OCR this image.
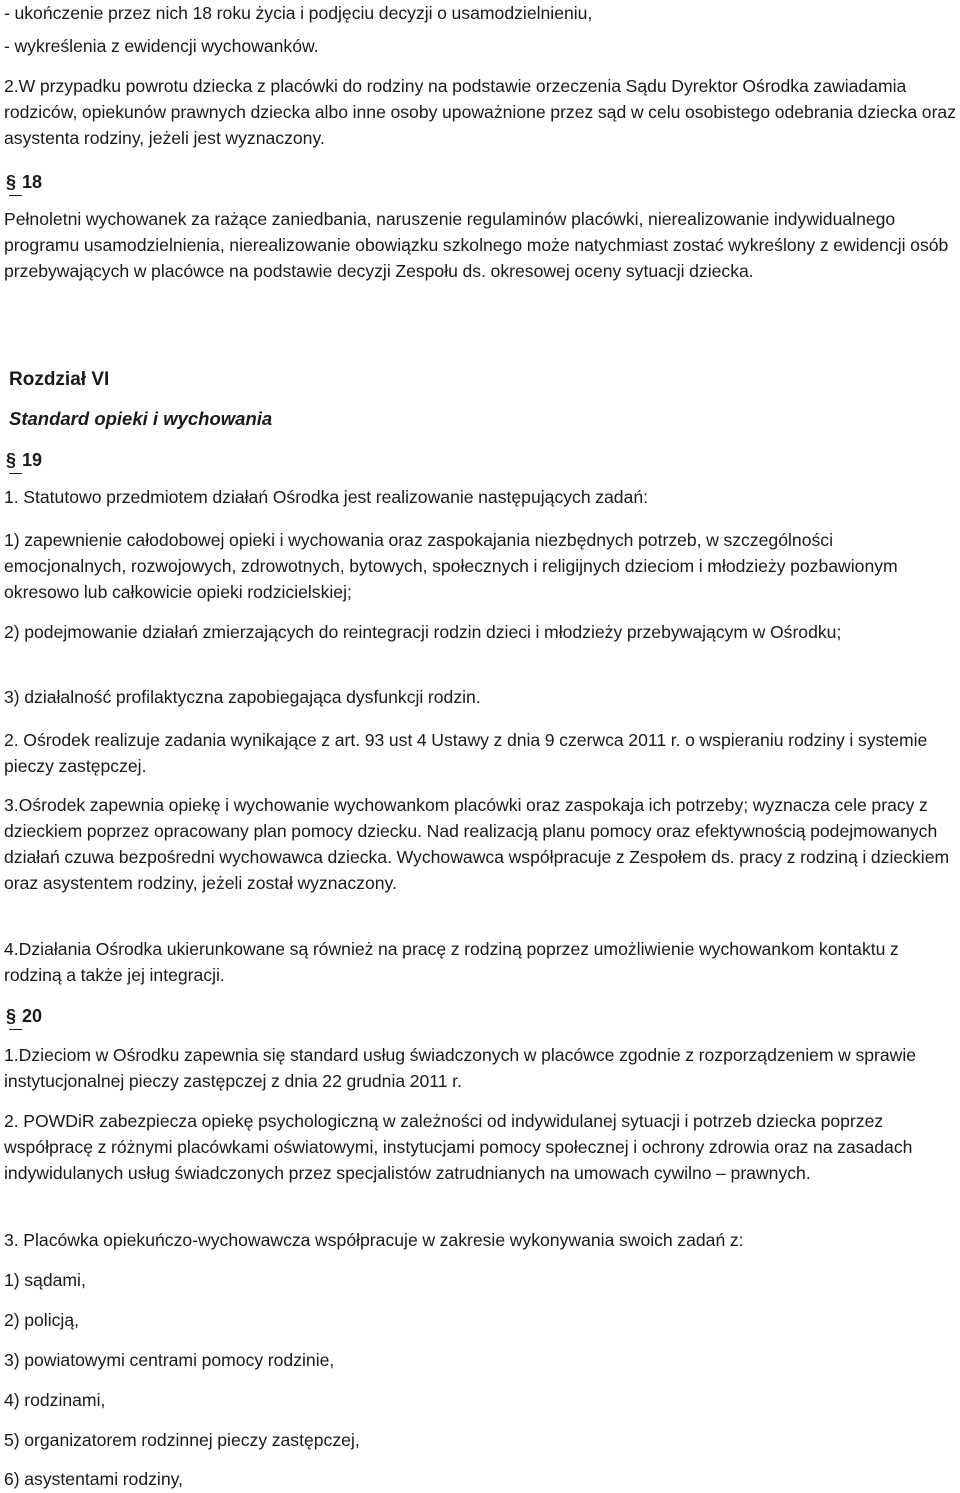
- ukończenie przez nich 18 roku życia i podjęciu decyzji o usamodzielnieniu,

- wykreślenia z ewidencji wychowanków.

2.W przypadku powrotu dziecka z placówki do rodziny na podstawie orzeczenia Sądu Dyrektor Ośrodka zawiadamia rodziców, opiekunów prawnych dziecka albo inne osoby upoważnione przez sąd w celu osobistego odebrania dziecka oraz asystenta rodziny, jeżeli jest wyznaczony.

§ 18

Pełnoletni wychowanek za rażące zaniedbania, naruszenie regulaminów placówki, nierealizowanie indywidualnego programu usamodzielnienia, nierealizowanie obowiązku szkolnego może natychmiast zostać wykreślony z ewidencji osób przebywających w placówce na podstawie decyzji Zespołu ds. okresowej oceny sytuacji dziecka.

Rozdział VI
Standard opieki i wychowania
§ 19

1. Statutowo przedmiotem działań Ośrodka jest realizowanie następujących zadań:

1) zapewnienie całodobowej opieki i wychowania oraz zaspokajania niezbędnych potrzeb, w szczególności emocjonalnych, rozwojowych, zdrowotnych, bytowych, społecznych i religijnych dzieciom i młodzieży pozbawionym okresowo lub całkowicie opieki rodzicielskiej;

2) podejmowanie działań zmierzających do reintegracji rodzin dzieci i młodzieży przebywającym w Ośrodku;

3) działalność profilaktyczna zapobiegająca dysfunkcji rodzin.

2. Ośrodek realizuje zadania wynikające z art. 93 ust 4 Ustawy z dnia 9 czerwca 2011 r. o wspieraniu rodziny i systemie pieczy zastępczej.

3.Ośrodek zapewnia opiekę i wychowanie wychowankom placówki oraz zaspokaja ich potrzeby; wyznacza cele pracy z dzieckiem poprzez opracowany plan pomocy dziecku. Nad realizacją planu pomocy oraz efektywnością podejmowanych działań czuwa bezpośredni wychowawca dziecka. Wychowawca współpracuje z Zespołem ds. pracy z rodziną i dzieckiem oraz asystentem rodziny, jeżeli został wyznaczony.

4.Działania Ośrodka ukierunkowane są również na pracę z rodziną poprzez umożliwienie wychowankom kontaktu z rodziną a także jej integracji.

§ 20

1.Dzieciom w Ośrodku zapewnia się standard usług świadczonych w placówce zgodnie z rozporządzeniem w sprawie instytucjonalnej pieczy zastępczej z dnia 22 grudnia 2011 r.

2. POWDiR zabezpiecza opiekę psychologiczną w zależności od indywidulanej sytuacji i potrzeb dziecka poprzez współpracę z różnymi placówkami oświatowymi, instytucjami pomocy społecznej i ochrony zdrowia oraz na zasadach indywidulanych usług świadczonych przez specjalistów zatrudnianych na umowach cywilno – prawnych.

3. Placówka opiekuńczo-wychowawcza współpracuje w zakresie wykonywania swoich zadań z:

1) sądami,

2) policją,

3) powiatowymi centrami pomocy rodzinie,

4) rodzinami,

5) organizatorem rodzinnej pieczy zastępczej,

6) asystentami rodziny,
